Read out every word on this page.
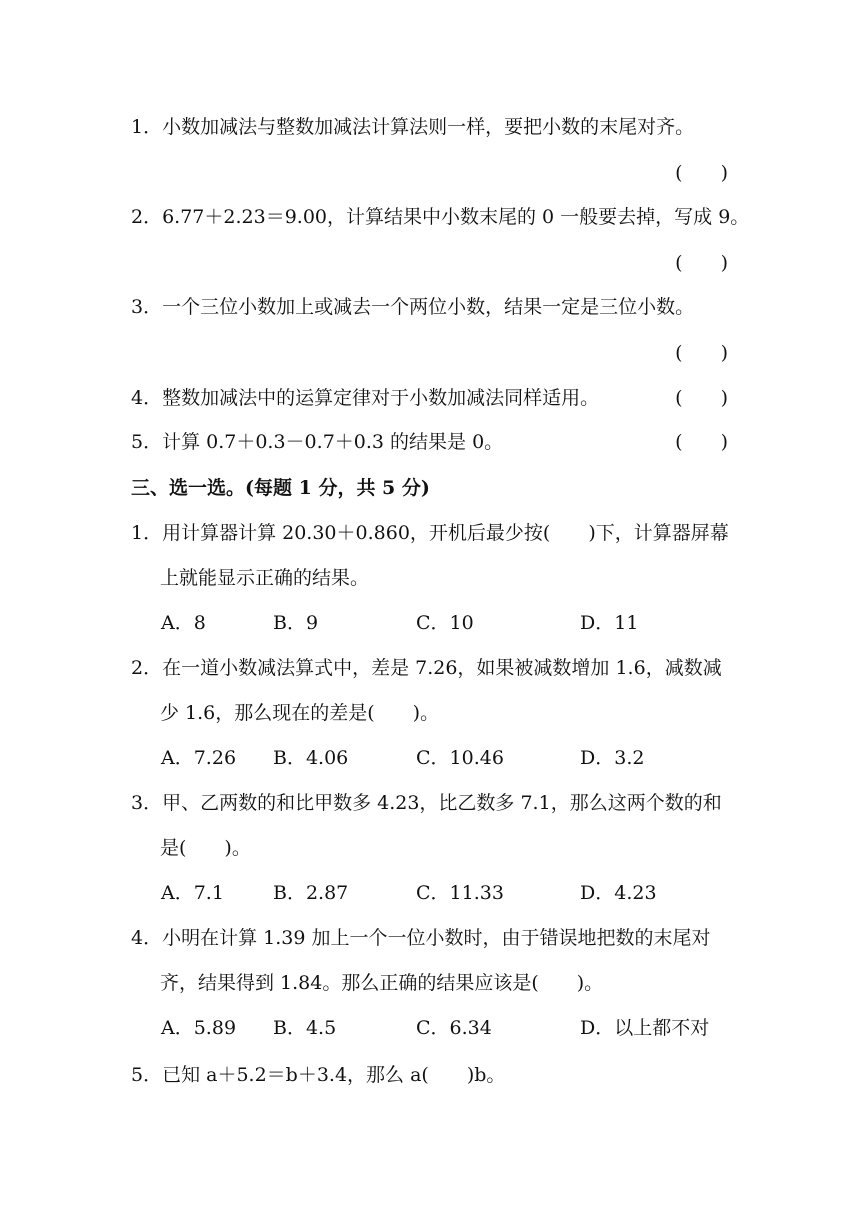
1．小数加减法与整数加减法计算法则一样，要把小数的末尾对齐。
(　　)
2．6.77＋2.23＝9.00，计算结果中小数末尾的 0 一般要去掉，写成 9。
(　　)
3．一个三位小数加上或减去一个两位小数，结果一定是三位小数。
(　　)
4．整数加减法中的运算定律对于小数加减法同样适用。	(　　)
5．计算 0.7＋0.3－0.7＋0.3 的结果是 0。	(　　)
三、选一选。(每题 1 分，共 5 分)
1．用计算器计算 20.30＋0.860，开机后最少按(　　)下，计算器屏幕
上就能显示正确的结果。
A．8	B．9	C．10	D．11
2．在一道小数减法算式中，差是 7.26，如果被减数增加 1.6，减数减
少 1.6，那么现在的差是(　　)。
A．7.26 B．4.06	C．10.46	D．3.2
3．甲、乙两数的和比甲数多 4.23，比乙数多 7.1，那么这两个数的和
是(　　)。
A．7.1	B．2.87	C．11.33	D．4.23
4．小明在计算 1.39 加上一个一位小数时，由于错误地把数的末尾对
齐，结果得到 1.84。那么正确的结果应该是(　　)。
A．5.89 B．4.5	C．6.34	D．以上都不对
5．已知 a＋5.2＝b＋3.4，那么 a(　　)b。
